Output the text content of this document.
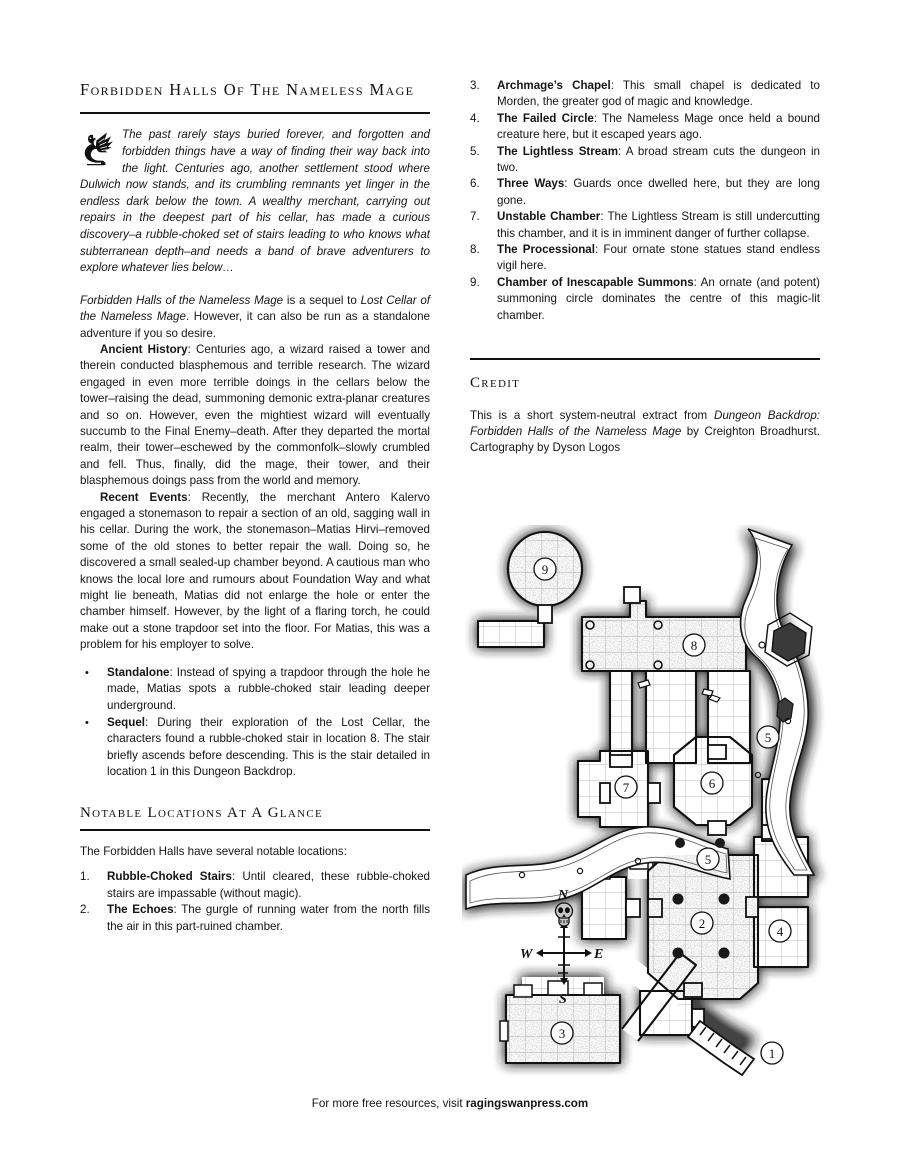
Forbidden Halls Of The Nameless Mage
The past rarely stays buried forever, and forgotten and forbidden things have a way of finding their way back into the light. Centuries ago, another settlement stood where Dulwich now stands, and its crumbling remnants yet linger in the endless dark below the town. A wealthy merchant, carrying out repairs in the deepest part of his cellar, has made a curious discovery–a rubble-choked set of stairs leading to who knows what subterranean depth–and needs a band of brave adventurers to explore whatever lies below…

Forbidden Halls of the Nameless Mage is a sequel to Lost Cellar of the Nameless Mage. However, it can also be run as a standalone adventure if you so desire.

Ancient History: Centuries ago, a wizard raised a tower and therein conducted blasphemous and terrible research. The wizard engaged in even more terrible doings in the cellars below the tower–raising the dead, summoning demonic extra-planar creatures and so on. However, even the mightiest wizard will eventually succumb to the Final Enemy–death. After they departed the mortal realm, their tower–eschewed by the commonfolk–slowly crumbled and fell. Thus, finally, did the mage, their tower, and their blasphemous doings pass from the world and memory.

Recent Events: Recently, the merchant Antero Kalervo engaged a stonemason to repair a section of an old, sagging wall in his cellar. During the work, the stonemason–Matias Hirvi–removed some of the old stones to better repair the wall. Doing so, he discovered a small sealed-up chamber beyond. A cautious man who knows the local lore and rumours about Foundation Way and what might lie beneath, Matias did not enlarge the hole or enter the chamber himself. However, by the light of a flaring torch, he could make out a stone trapdoor set into the floor. For Matias, this was a problem for his employer to solve.

• Standalone: Instead of spying a trapdoor through the hole he made, Matias spots a rubble-choked stair leading deeper underground.
• Sequel: During their exploration of the Lost Cellar, the characters found a rubble-choked stair in location 8. The stair briefly ascends before descending. This is the stair detailed in location 1 in this Dungeon Backdrop.
Notable Locations At A Glance

The Forbidden Halls have several notable locations:

1.	Rubble-Choked Stairs: Until cleared, these rubble-choked stairs are impassable (without magic).
2.	The Echoes: The gurgle of running water from the north fills the air in this part-ruined chamber.
3.	Archmage’s Chapel: This small chapel is dedicated to Morden, the greater god of magic and knowledge.
4.	The Failed Circle: The Nameless Mage once held a bound creature here, but it escaped years ago.
5.	The Lightless Stream: A broad stream cuts the dungeon in two.
6.	Three Ways: Guards once dwelled here, but they are long gone.
7.	Unstable Chamber: The Lightless Stream is still undercutting this chamber, and it is in imminent danger of further collapse.
8.	The Processional: Four ornate stone statues stand endless vigil here.
9.	Chamber of Inescapable Summons: An ornate (and potent) summoning circle dominates the centre of this magic-lit chamber.
Credit

This is a short system-neutral extract from Dungeon Backdrop: Forbidden Halls of the Nameless Mage by Creighton Broadhurst. Cartography by Dyson Logos

9
8
5
5
6
7
2
4
3
1
N
E
S
W
For more free resources, visit ragingswanpress.com
